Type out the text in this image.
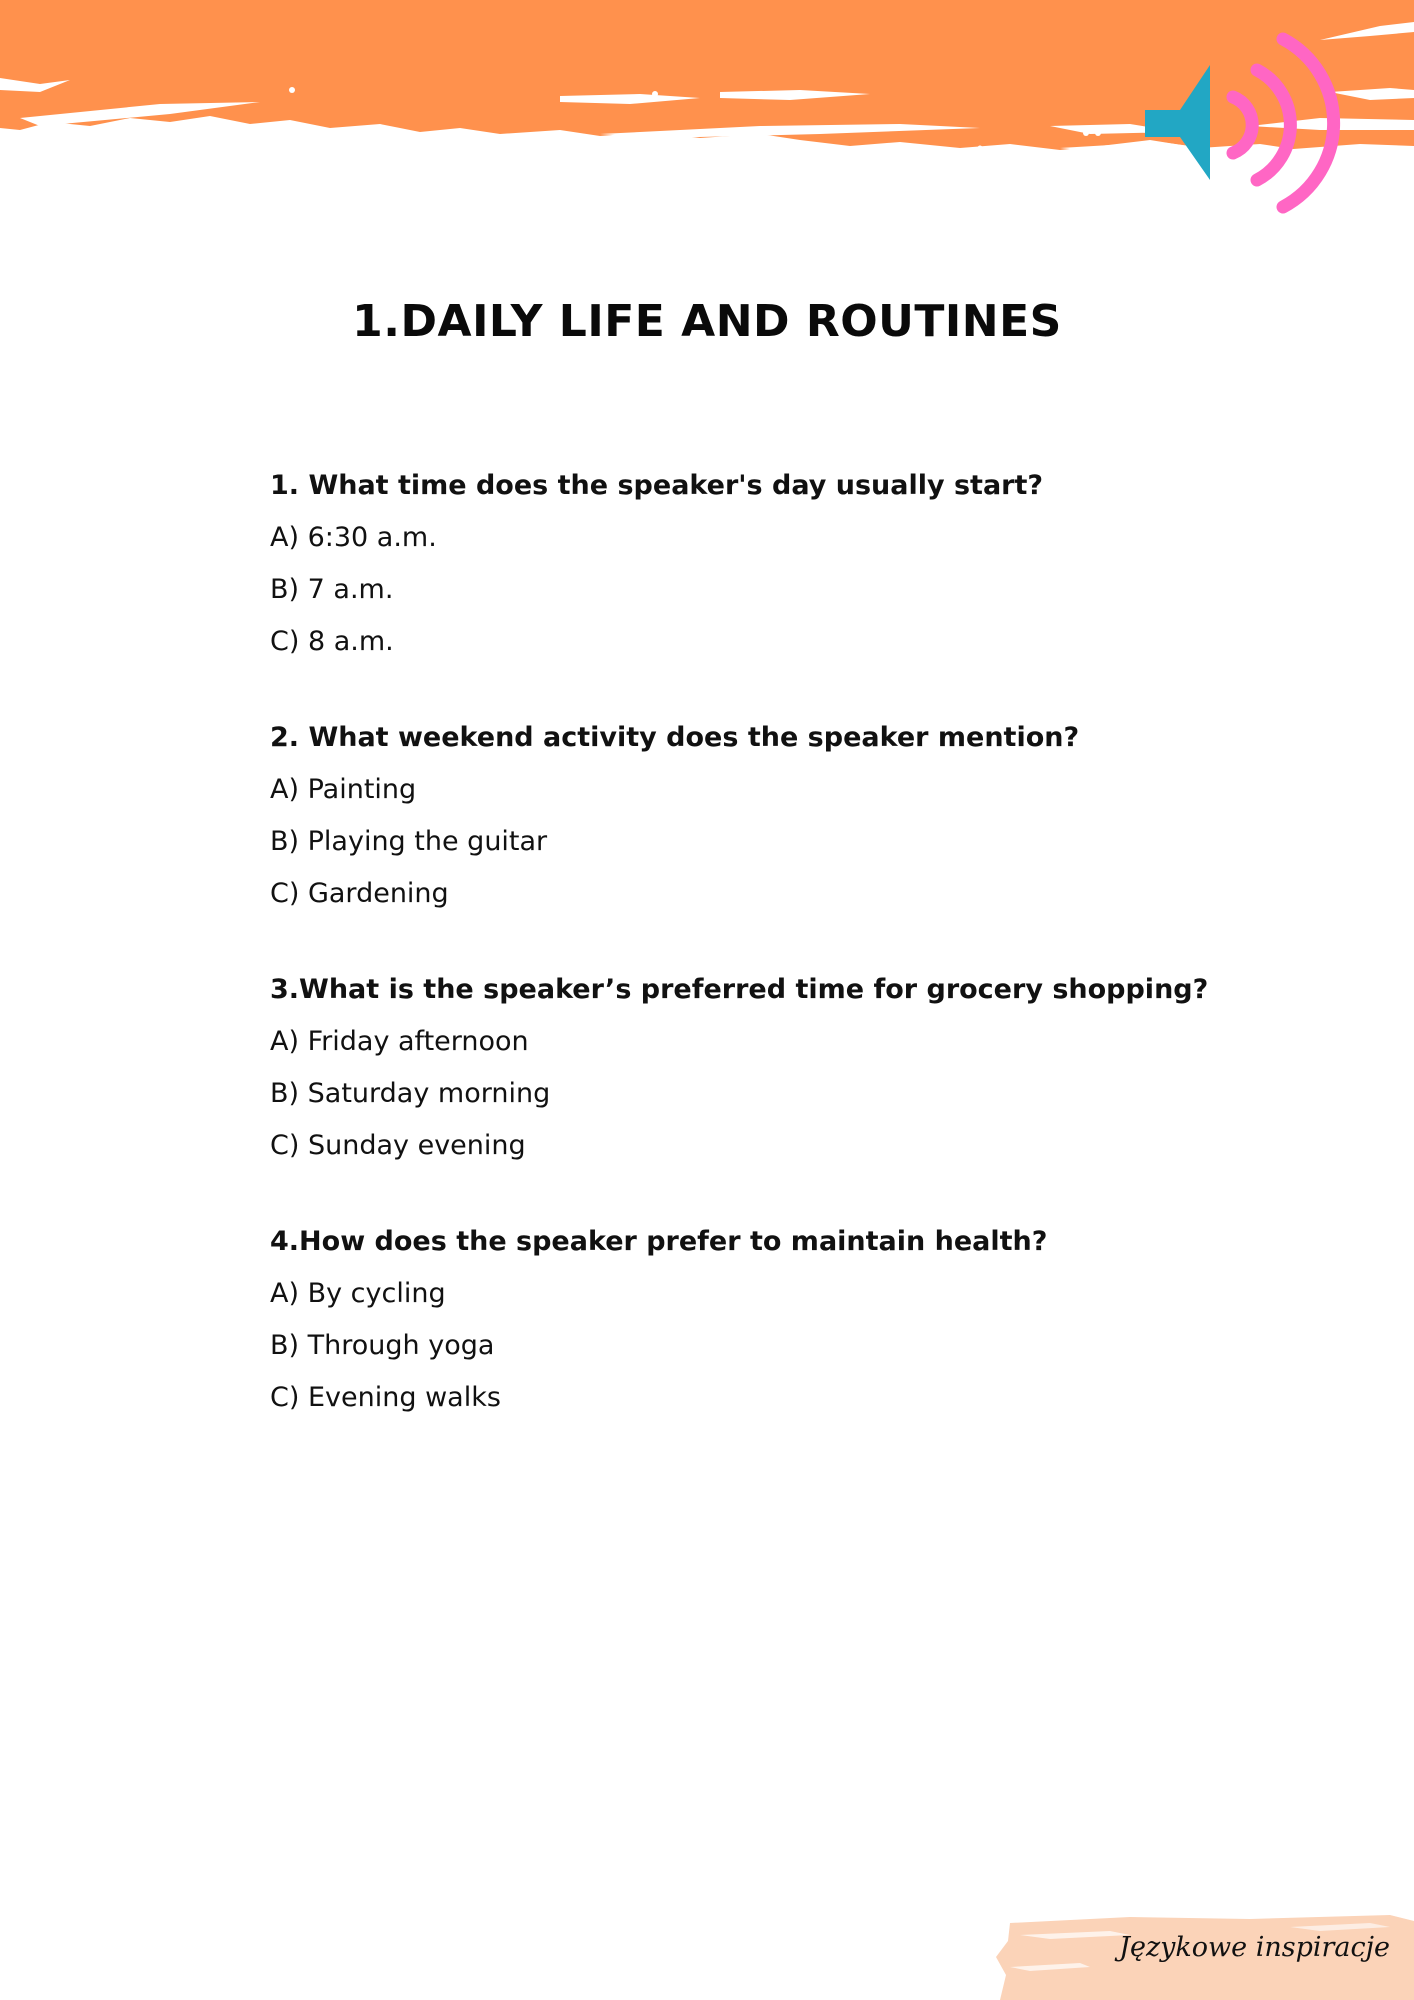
1.DAILY LIFE AND ROUTINES
1. What time does the speaker's day usually start?
A) 6:30 a.m.
B) 7 a.m.
C) 8 a.m.
2. What weekend activity does the speaker mention?
A) Painting
B) Playing the guitar
C) Gardening
3.What is the speaker’s preferred time for grocery shopping?
A) Friday afternoon
B) Saturday morning
C) Sunday evening
4.How does the speaker prefer to maintain health?
A) By cycling
B) Through yoga
C) Evening walks
Językowe inspiracje
